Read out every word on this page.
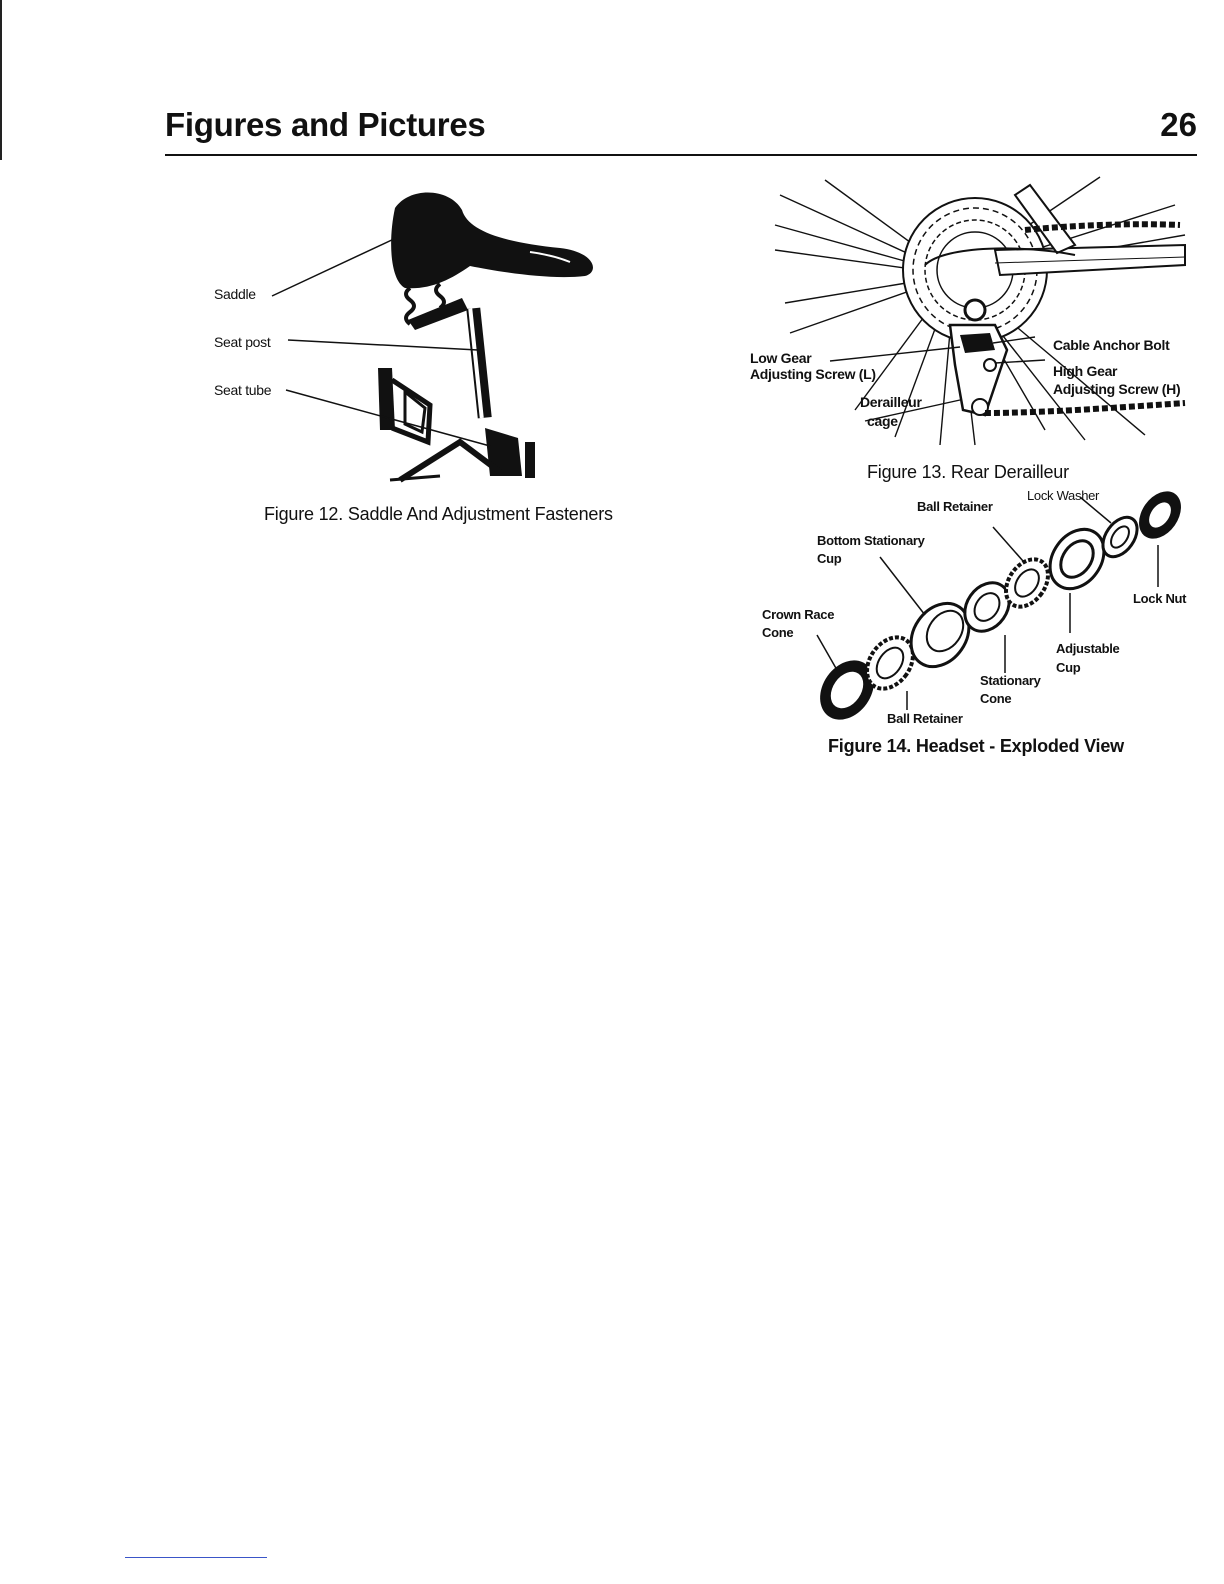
Figures and Pictures	26
Saddle
Seat post
Seat tube
Figure 12. Saddle And Adjustment Fasteners
Low Gear
Adjusting Screw (L)
Cable Anchor Bolt
High Gear
Adjusting Screw (H)
Derailleur
cage
Figure 13. Rear Derailleur
Ball Retainer
Lock Washer
Bottom Stationary
Cup
Lock Nut
Crown Race
Cone
Adjustable
Cup
Stationary
Cone
Ball Retainer
Figure 14. Headset - Exploded View
